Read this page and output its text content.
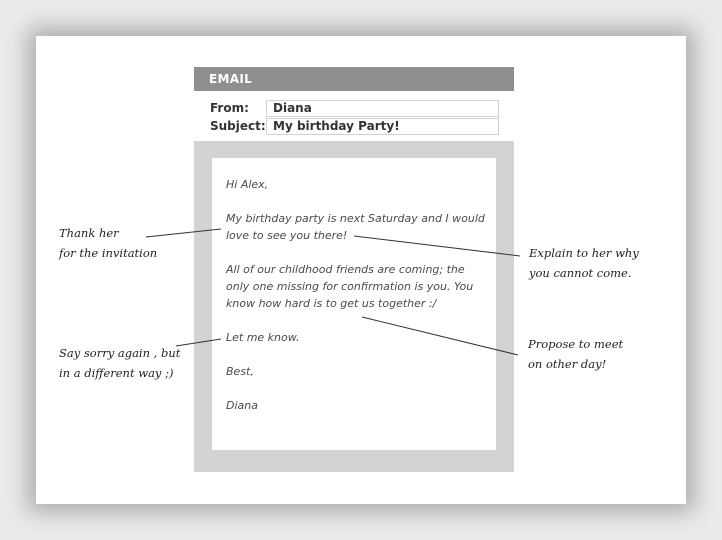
EMAIL
From:	Diana
Subject: My birthday Party!

Hi Alex,

My birthday party is next Saturday and I would love to see you there!

All of our childhood friends are coming; the only one missing for confirmation is you. You know how hard is to get us together :/

Let me know.

Best,

Diana

Thank her
for the invitation
Say sorry again , but
in a different way ;)
Explain to her why
you cannot come.
Propose to meet
on other day!
